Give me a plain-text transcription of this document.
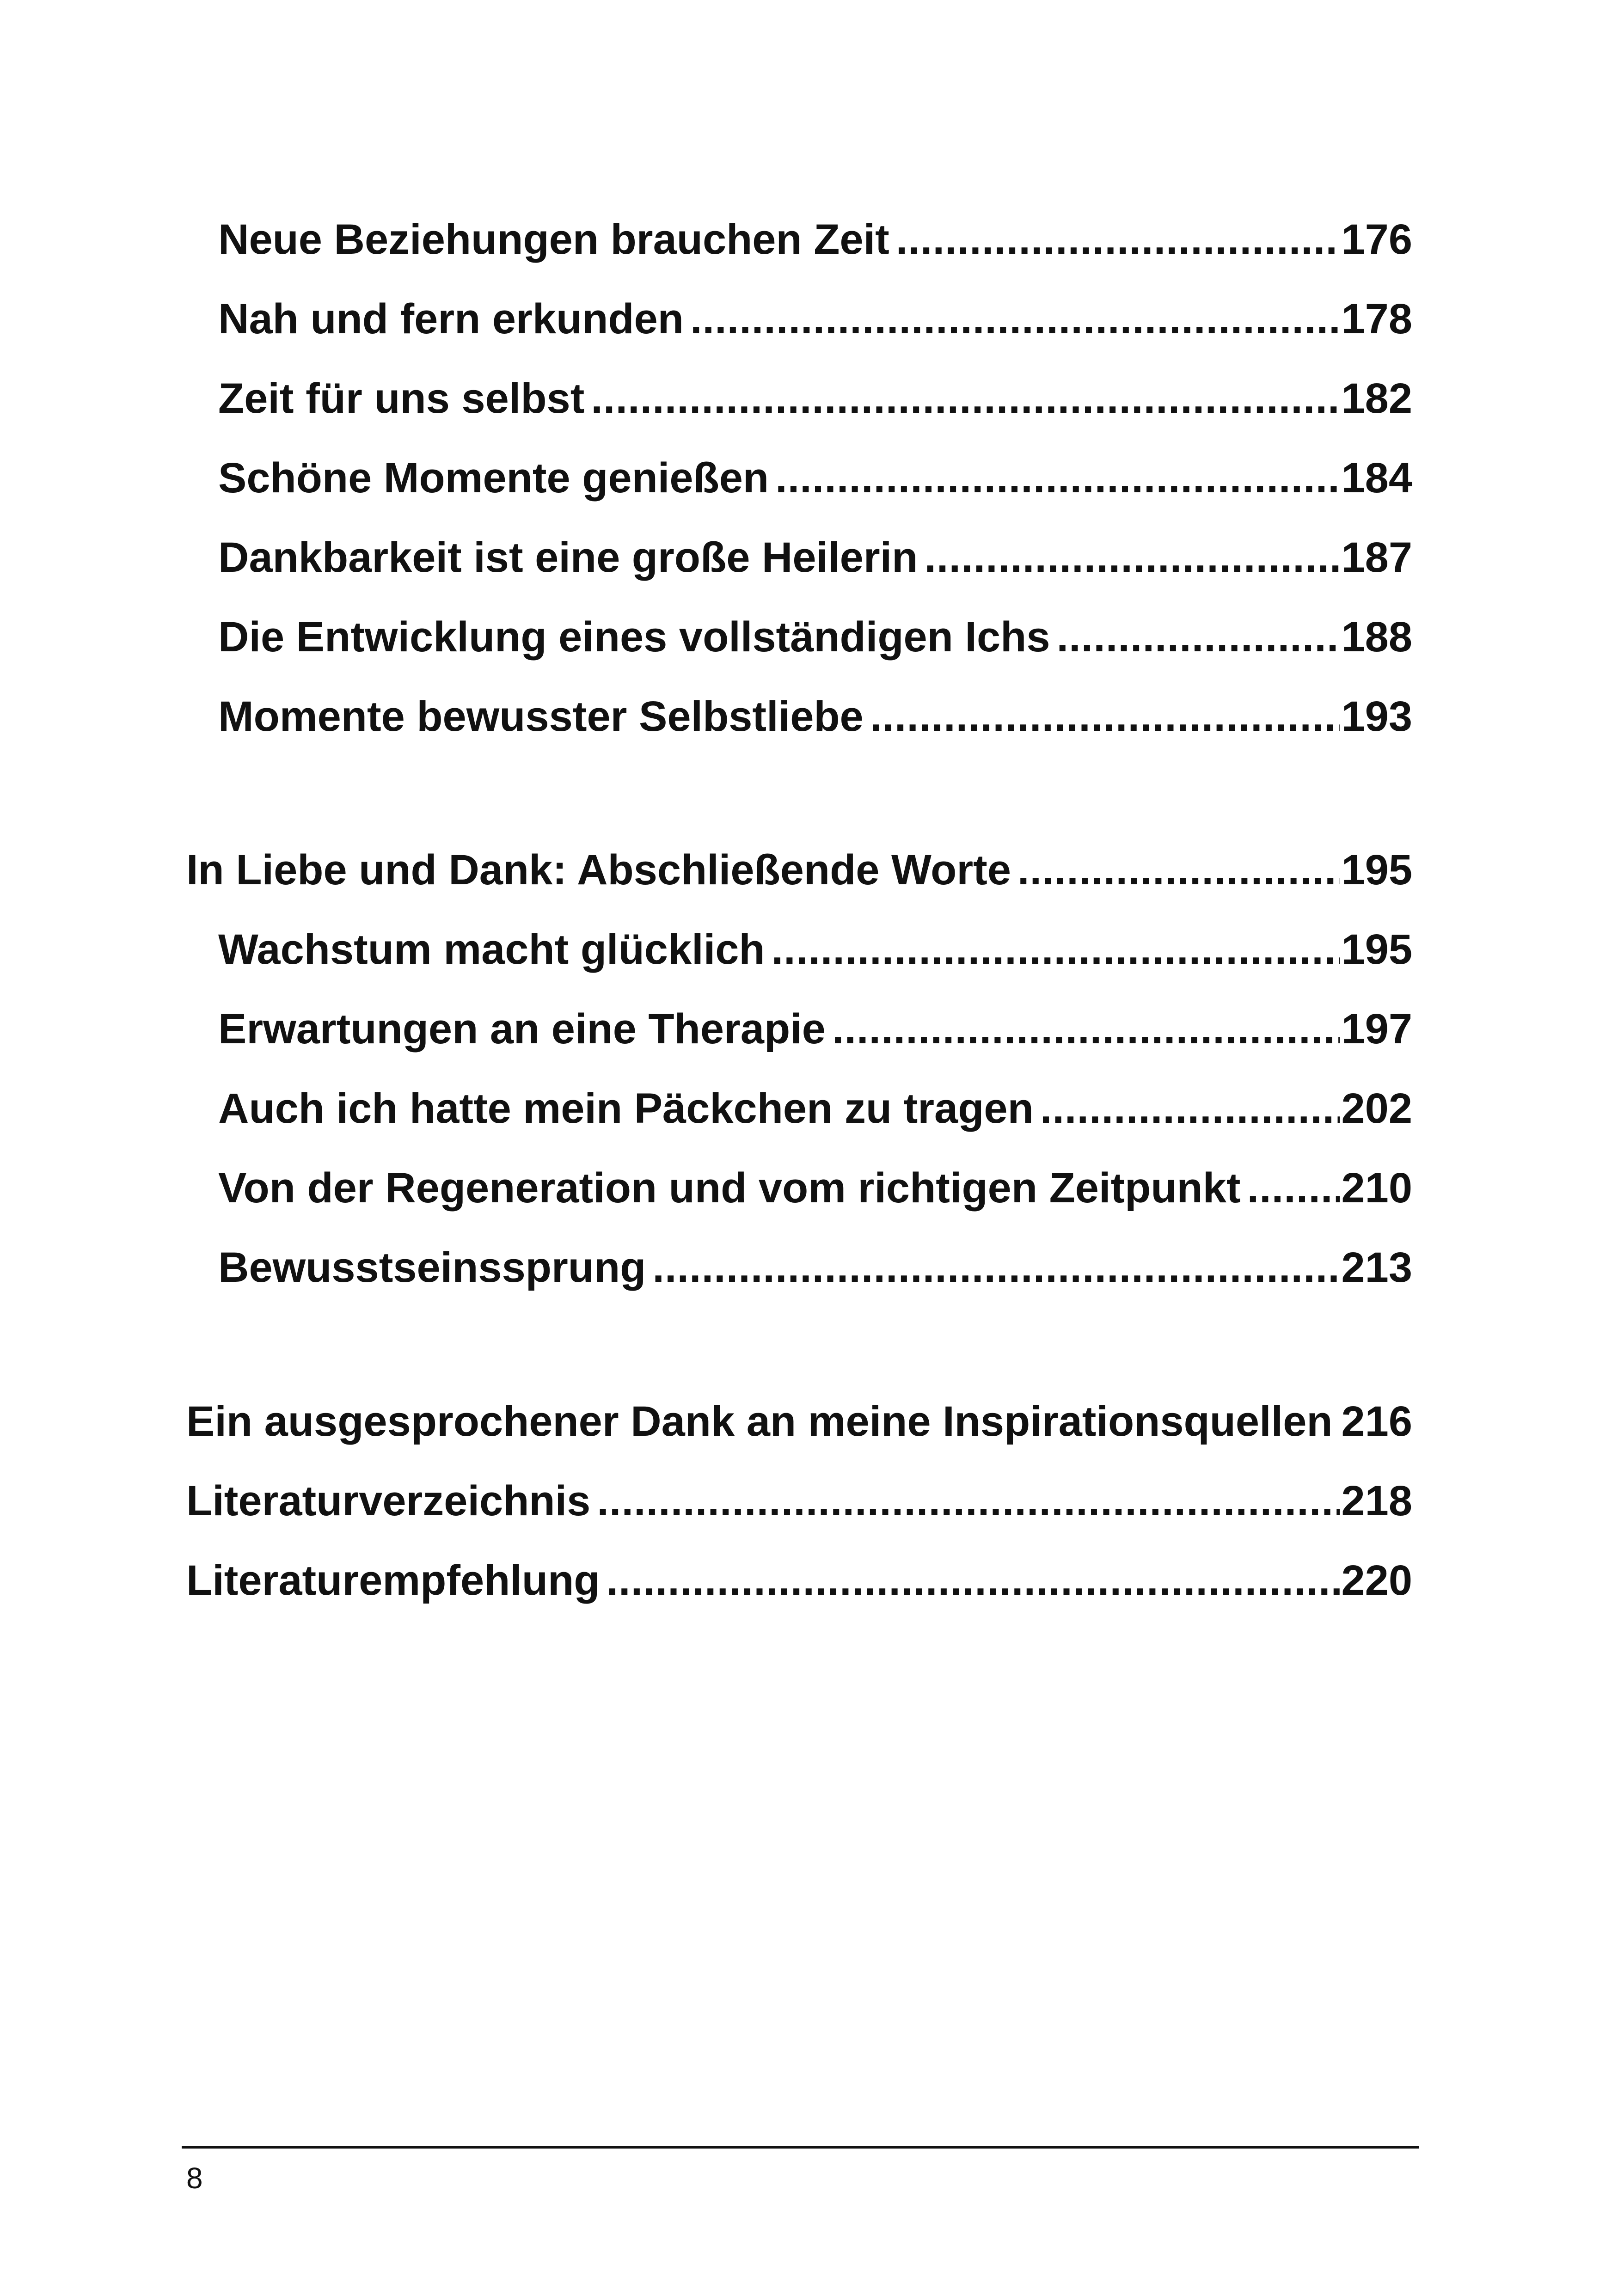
Neue Beziehungen brauchen Zeit .....	176
Nah und fern erkunden .....	178
Zeit für uns selbst .....	182
Schöne Momente genießen .....	184
Dankbarkeit ist eine große Heilerin .....	187
Die Entwicklung eines vollständigen Ichs .....	188
Momente bewusster Selbstliebe .....	193
In Liebe und Dank: Abschließende Worte .....	195
Wachstum macht glücklich .....	195
Erwartungen an eine Therapie .....	197
Auch ich hatte mein Päckchen zu tragen .....	202
Von der Regeneration und vom richtigen Zeitpunkt ..... 210
Bewusstseinssprung .....	213
Ein ausgesprochener Dank an meine Inspirationsquellen ..... 216
Literaturverzeichnis .....	218
Literaturempfehlung .....	220
8
